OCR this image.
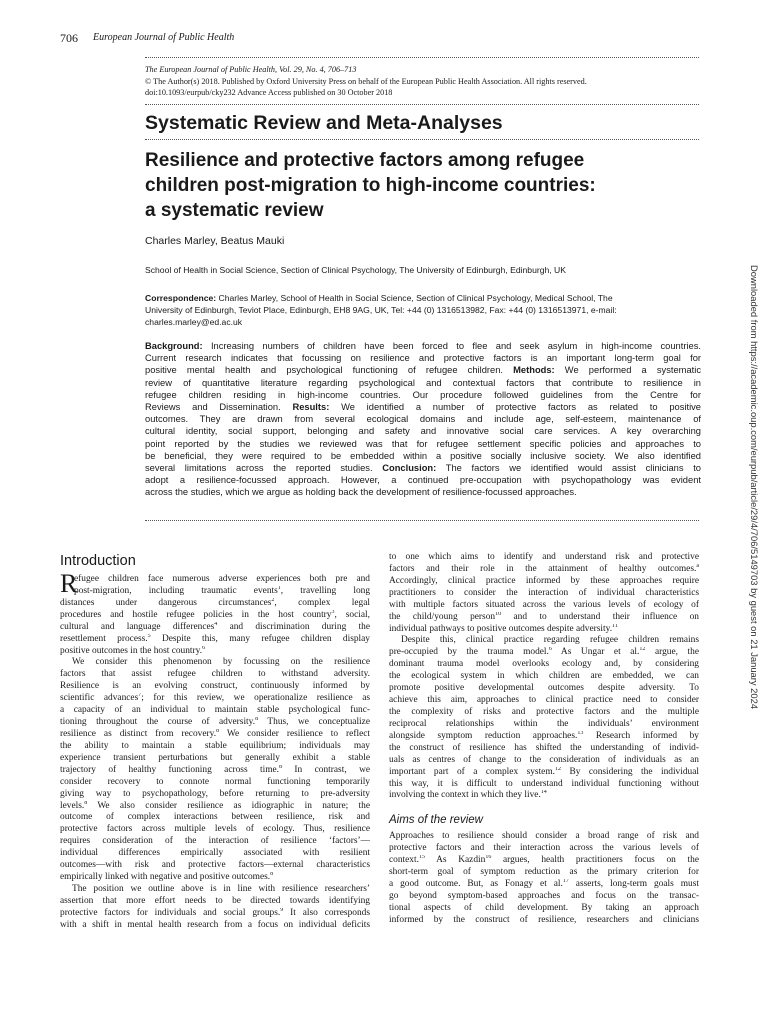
706 European Journal of Public Health
The European Journal of Public Health, Vol. 29, No. 4, 706–713
© The Author(s) 2018. Published by Oxford University Press on behalf of the European Public Health Association. All rights reserved.
doi:10.1093/eurpub/cky232 Advance Access published on 30 October 2018
Systematic Review and Meta-Analyses
Resilience and protective factors among refugee
children post-migration to high-income countries:
a systematic review
Charles Marley, Beatus Mauki
School of Health in Social Science, Section of Clinical Psychology, The University of Edinburgh, Edinburgh, UK
Correspondence: Charles Marley, School of Health in Social Science, Section of Clinical Psychology, Medical School, The
University of Edinburgh, Teviot Place, Edinburgh, EH8 9AG, UK, Tel: +44 (0) 1316513982, Fax: +44 (0) 1316513971, e-mail:
charles.marley@ed.ac.uk
Background: Increasing numbers of children have been forced to flee and seek asylum in high-income countries.
Current research indicates that focussing on resilience and protective factors is an important long-term goal for
positive mental health and psychological functioning of refugee children. Methods: We performed a systematic
review of quantitative literature regarding psychological and contextual factors that contribute to resilience in
refugee children residing in high-income countries. Our procedure followed guidelines from the Centre for
Reviews and Dissemination. Results: We identified a number of protective factors as related to positive
outcomes. They are drawn from several ecological domains and include age, self-esteem, maintenance of
cultural identity, social support, belonging and safety and innovative social care services. A key overarching
point reported by the studies we reviewed was that for refugee settlement specific policies and approaches to
be beneficial, they were required to be embedded within a positive socially inclusive society. We also identified
several limitations across the reported studies. Conclusion: The factors we identified would assist clinicians to
adopt a resilience-focussed approach. However, a continued pre-occupation with psychopathology was evident
across the studies, which we argue as holding back the development of resilience-focussed approaches.	Downloaded from https://academic.oup.com/eurpub/article/29/4/706/5149703 by guest on 21 January 2024
Introduction
R
efugee children face numerous adverse experiences both pre and
post-migration, including traumatic events$^1$, travelling long
distances under dangerous circumstances$^2$, complex legal
procedures and hostile refugee policies in the host country$^3$, social,
cultural and language differences$^4$ and discrimination during the
resettlement process.$^5$ Despite this, many refugee children display
positive outcomes in the host country.$^6$
We consider this phenomenon by focussing on the resilience
factors that assist refugee children to withstand adversity.
Resilience is an evolving construct, continuously informed by
scientific advances$^7$; for this review, we operationalize resilience as
a capacity of an individual to maintain stable psychological func-
tioning throughout the course of adversity.$^8$ Thus, we conceptualize
resilience as distinct from recovery.$^8$ We consider resilience to reflect
the ability to maintain a stable equilibrium; individuals may
experience transient perturbations but generally exhibit a stable
trajectory of healthy functioning across time.$^8$ In contrast, we
consider recovery to connote normal functioning temporarily
giving way to psychopathology, before returning to pre-adversity
levels.$^8$ We also consider resilience as idiographic in nature; the
outcome of complex interactions between resilience, risk and
protective factors across multiple levels of ecology. Thus, resilience
requires consideration of the interaction of resilience ‘factors’—
individual differences empirically associated with resilient
outcomes—with risk and protective factors—external characteristics
empirically linked with negative and positive outcomes.$^8$
The position we outline above is in line with resilience researchers’
assertion that more effort needs to be directed towards identifying
protective factors for individuals and social groups.$^9$ It also corresponds
with a shift in mental health research from a focus on individual deficits
to one which aims to identify and understand risk and protective
factors and their role in the attainment of healthy outcomes.$^a$
Accordingly, clinical practice informed by these approaches require
practitioners to consider the interaction of individual characteristics
with multiple factors situated across the various levels of ecology of
the child/young person$^{10}$ and to understand their influence on
individual pathways to positive outcomes despite adversity.$^{11}$
Despite this, clinical practice regarding refugee children remains
pre-occupied by the trauma model.$^6$ As Ungar et al.$^{12}$ argue, the
dominant trauma model overlooks ecology and, by considering
the ecological system in which children are embedded, we can
promote positive developmental outcomes despite adversity. To
achieve this aim, approaches to clinical practice need to consider
the complexity of risks and protective factors and the multiple
reciprocal relationships within the individuals’ environment
alongside symptom reduction approaches.$^{13}$ Research informed by
the construct of resilience has shifted the understanding of individ-
uals as centres of change to the consideration of individuals as an
important part of a complex system.$^{12}$ By considering the individual
this way, it is difficult to understand individual functioning without
involving the context in which they live.$^{14}$
Aims of the review
Approaches to resilience should consider a broad range of risk and
protective factors and their interaction across the various levels of
context.$^{15}$ As Kazdin$^{16}$ argues, health practitioners focus on the
short-term goal of symptom reduction as the primary criterion for
a good outcome. But, as Fonagy et al.$^{17}$ asserts, long-term goals must
go beyond symptom-based approaches and focus on the transac-
tional aspects of child development. By taking an approach
informed by the construct of resilience, researchers and clinicians
